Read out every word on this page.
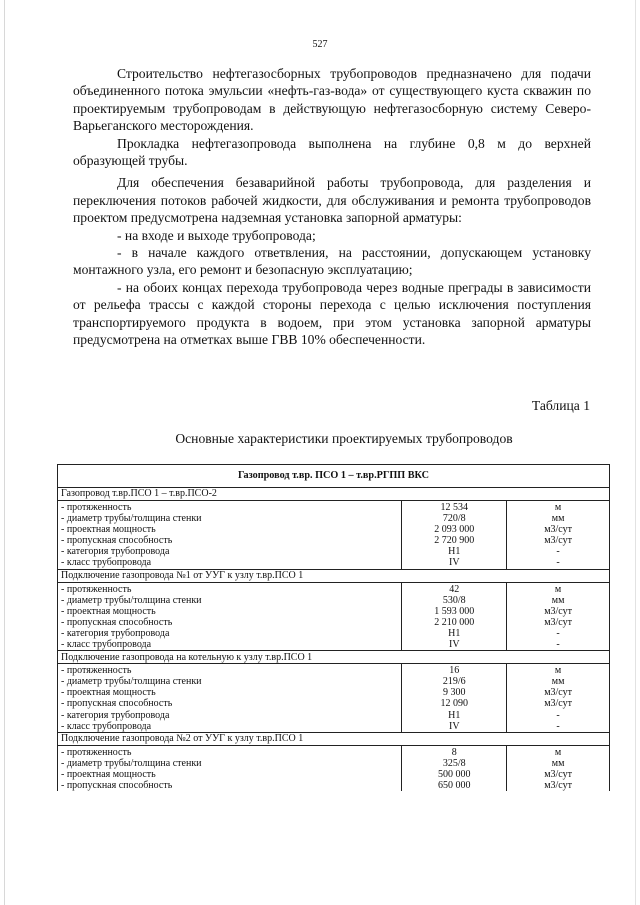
527

Строительство нефтегазосборных трубопроводов предназначено для подачи объединенного потока эмульсии «нефть-газ-вода» от существующего куста скважин по проектируемым трубопроводам в действующую нефтегазосборную систему Северо-Варьеганского месторождения.

Прокладка нефтегазопровода выполнена на глубине 0,8 м до верхней образующей трубы.

Для обеспечения безаварийной работы трубопровода, для разделения и переключения потоков рабочей жидкости, для обслуживания и ремонта трубопроводов проектом предусмотрена надземная установка запорной арматуры:

- на входе и выходе трубопровода;

- в начале каждого ответвления, на расстоянии, допускающем установку монтажного узла, его ремонт и безопасную эксплуатацию;

- на обоих концах перехода трубопровода через водные преграды в зависимости от рельефа трассы с каждой стороны перехода с целью исключения поступления транспортируемого продукта в водоем, при этом установка запорной арматуры предусмотрена на отметках выше ГВВ 10% обеспеченности.

Таблица 1
Основные характеристики проектируемых трубопроводов
Газопровод т.вр. ПСО 1 – т.вр.РГПП ВКС		
Газопровод т.вр.ПСО 1 – т.вр.ПСО-2		
- протяженность	12 534	м
- диаметр трубы/толщина стенки	720/8	мм
- проектная мощность	2 093 000	м3/сут
- пропускная способность	2 720 900	м3/сут
- категория трубопровода	Н1	-
- класс трубопровода	IV	-
Подключение газопровода №1 от УУГ к узлу т.вр.ПСО 1		
- протяженность	42	м
- диаметр трубы/толщина стенки	530/8	мм
- проектная мощность	1 593 000	м3/сут
- пропускная способность	2 210 000	м3/сут
- категория трубопровода	Н1	-
- класс трубопровода	IV	-
Подключение газопровода на котельную к узлу т.вр.ПСО 1		
- протяженность	16	м
- диаметр трубы/толщина стенки	219/6	мм
- проектная мощность	9 300	м3/сут
- пропускная способность	12 090	м3/сут
- категория трубопровода	Н1	-
- класс трубопровода	IV	-
Подключение газопровода №2 от УУГ к узлу т.вр.ПСО 1		
- протяженность	8	м
- диаметр трубы/толщина стенки	325/8	мм
- проектная мощность	500 000	м3/сут
- пропускная способность	650 000	м3/сут
